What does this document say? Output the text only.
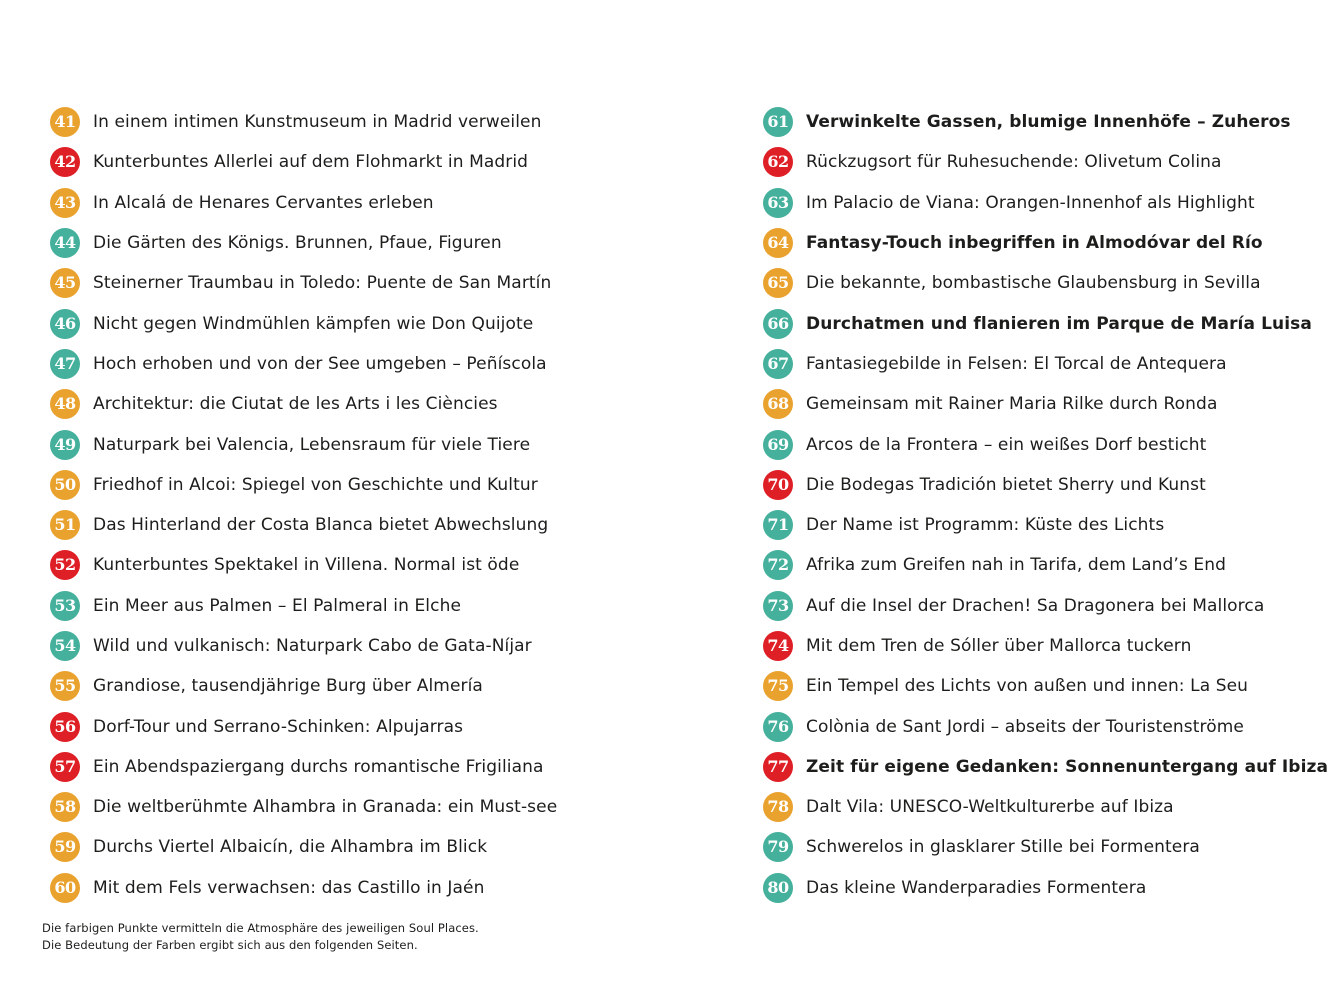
41 In einem intimen Kunstmuseum in Madrid verweilen
42 Kunterbuntes Allerlei auf dem Flohmarkt in Madrid
43 In Alcalá de Henares Cervantes erleben
44 Die Gärten des Königs. Brunnen, Pfaue, Figuren
45 Steinerner Traumbau in Toledo: Puente de San Martín
46 Nicht gegen Windmühlen kämpfen wie Don Quijote
47 Hoch erhoben und von der See umgeben – Peñíscola
48 Architektur: die Ciutat de les Arts i les Ciències
49 Naturpark bei Valencia, Lebensraum für viele Tiere
50 Friedhof in Alcoi: Spiegel von Geschichte und Kultur
51 Das Hinterland der Costa Blanca bietet Abwechslung
52 Kunterbuntes Spektakel in Villena. Normal ist öde
53 Ein Meer aus Palmen – El Palmeral in Elche
54 Wild und vulkanisch: Naturpark Cabo de Gata-Níjar
55 Grandiose, tausendjährige Burg über Almería
56 Dorf-Tour und Serrano-Schinken: Alpujarras
57 Ein Abendspaziergang durchs romantische Frigiliana
58 Die weltberühmte Alhambra in Granada: ein Must-see
59 Durchs Viertel Albaicín, die Alhambra im Blick
60 Mit dem Fels verwachsen: das Castillo in Jaén
61 Verwinkelte Gassen, blumige Innenhöfe – Zuheros
62 Rückzugsort für Ruhesuchende: Olivetum Colina
63 Im Palacio de Viana: Orangen-Innenhof als Highlight
64 Fantasy-Touch inbegriffen in Almodóvar del Río
65 Die bekannte, bombastische Glaubensburg in Sevilla
66 Durchatmen und flanieren im Parque de María Luisa
67 Fantasiegebilde in Felsen: El Torcal de Antequera
68 Gemeinsam mit Rainer Maria Rilke durch Ronda
69 Arcos de la Frontera – ein weißes Dorf besticht
70 Die Bodegas Tradición bietet Sherry und Kunst
71 Der Name ist Programm: Küste des Lichts
72 Afrika zum Greifen nah in Tarifa, dem Land’s End
73 Auf die Insel der Drachen! Sa Dragonera bei Mallorca
74 Mit dem Tren de Sóller über Mallorca tuckern
75 Ein Tempel des Lichts von außen und innen: La Seu
76 Colònia de Sant Jordi – abseits der Touristenströme
77 Zeit für eigene Gedanken: Sonnenuntergang auf Ibiza
78 Dalt Vila: UNESCO-Weltkulturerbe auf Ibiza
79 Schwerelos in glasklarer Stille bei Formentera
80 Das kleine Wanderparadies Formentera
Die farbigen Punkte vermitteln die Atmosphäre des jeweiligen Soul Places.
Die Bedeutung der Farben ergibt sich aus den folgenden Seiten.
